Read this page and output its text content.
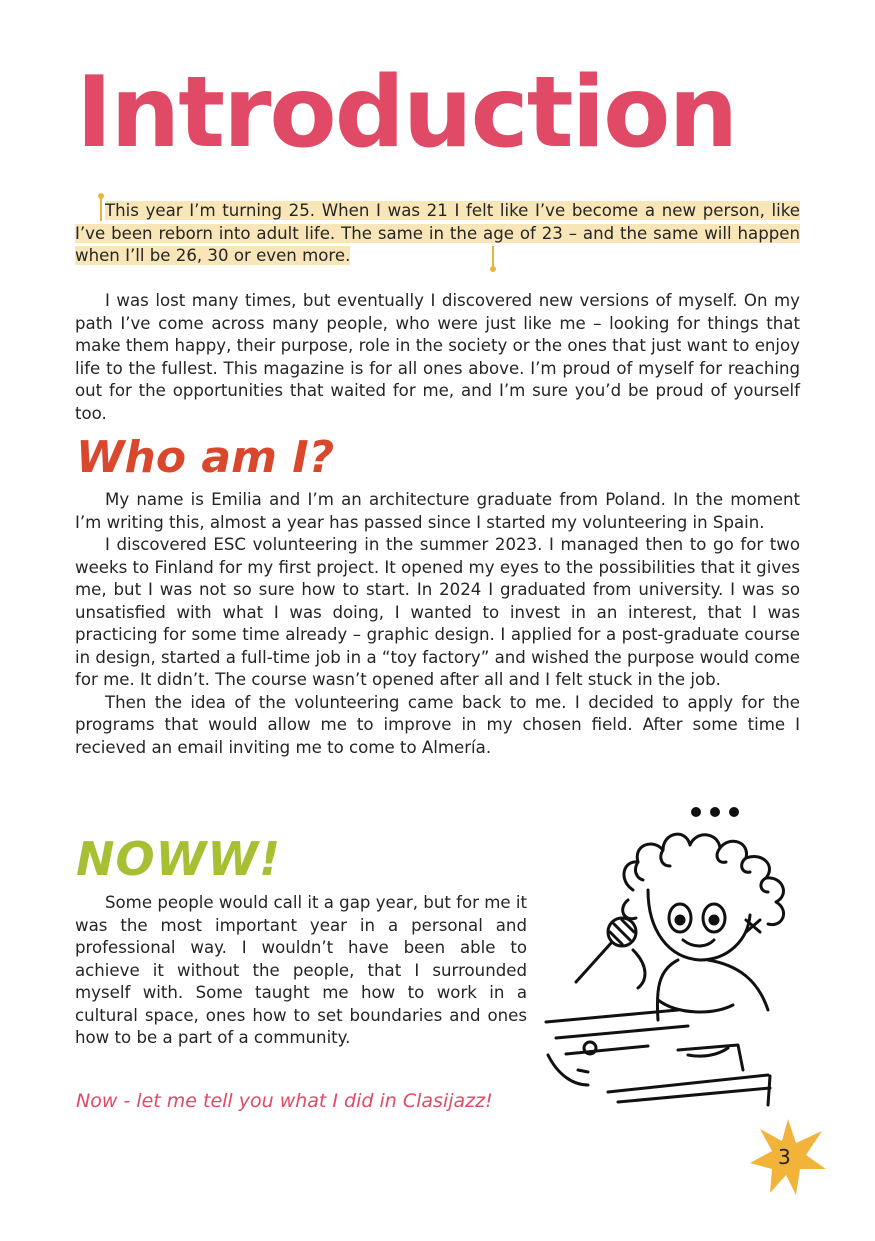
Introduction

This year I’m turning 25. When I was 21 I felt like I’ve become a new person, like I’ve been reborn into adult life. The same in the age of 23 – and the same will happen when I’ll be 26, 30 or even more.

I was lost many times, but eventually I discovered new versions of myself. On my path I’ve come across many people, who were just like me – looking for things that make them happy, their purpose, role in the society or the ones that just want to enjoy life to the fullest. This magazine is for all ones above. I’m proud of myself for reaching out for the opportunities that waited for me, and I’m sure you’d be proud of yourself too.

Who am I?

My name is Emilia and I’m an architecture graduate from Poland. In the moment I’m writing this, almost a year has passed since I started my volunteering in Spain.

I discovered ESC volunteering in the summer 2023. I managed then to go for two weeks to Finland for my first project. It opened my eyes to the possibilities that it gives me, but I was not so sure how to start. In 2024 I graduated from university. I was so unsatisfied with what I was doing, I wanted to invest in an interest, that I was practicing for some time already – graphic design. I applied for a post-graduate course in design, started a full-time job in a “toy factory” and wished the purpose would come for me. It didn’t. The course wasn’t opened after all and I felt stuck in the job.

Then the idea of the volunteering came back to me. I decided to apply for the programs that would allow me to improve in my chosen field. After some time I recieved an email inviting me to come to Almería.

NOWW!

Some people would call it a gap year, but for me it was the most important year in a personal and professional way. I wouldn’t have been able to achieve it without the people, that I surrounded myself with. Some taught me how to work in a cultural space, ones how to set boundaries and ones how to be a part of a community.

Now - let me tell you what I did in Clasijazz!

3
